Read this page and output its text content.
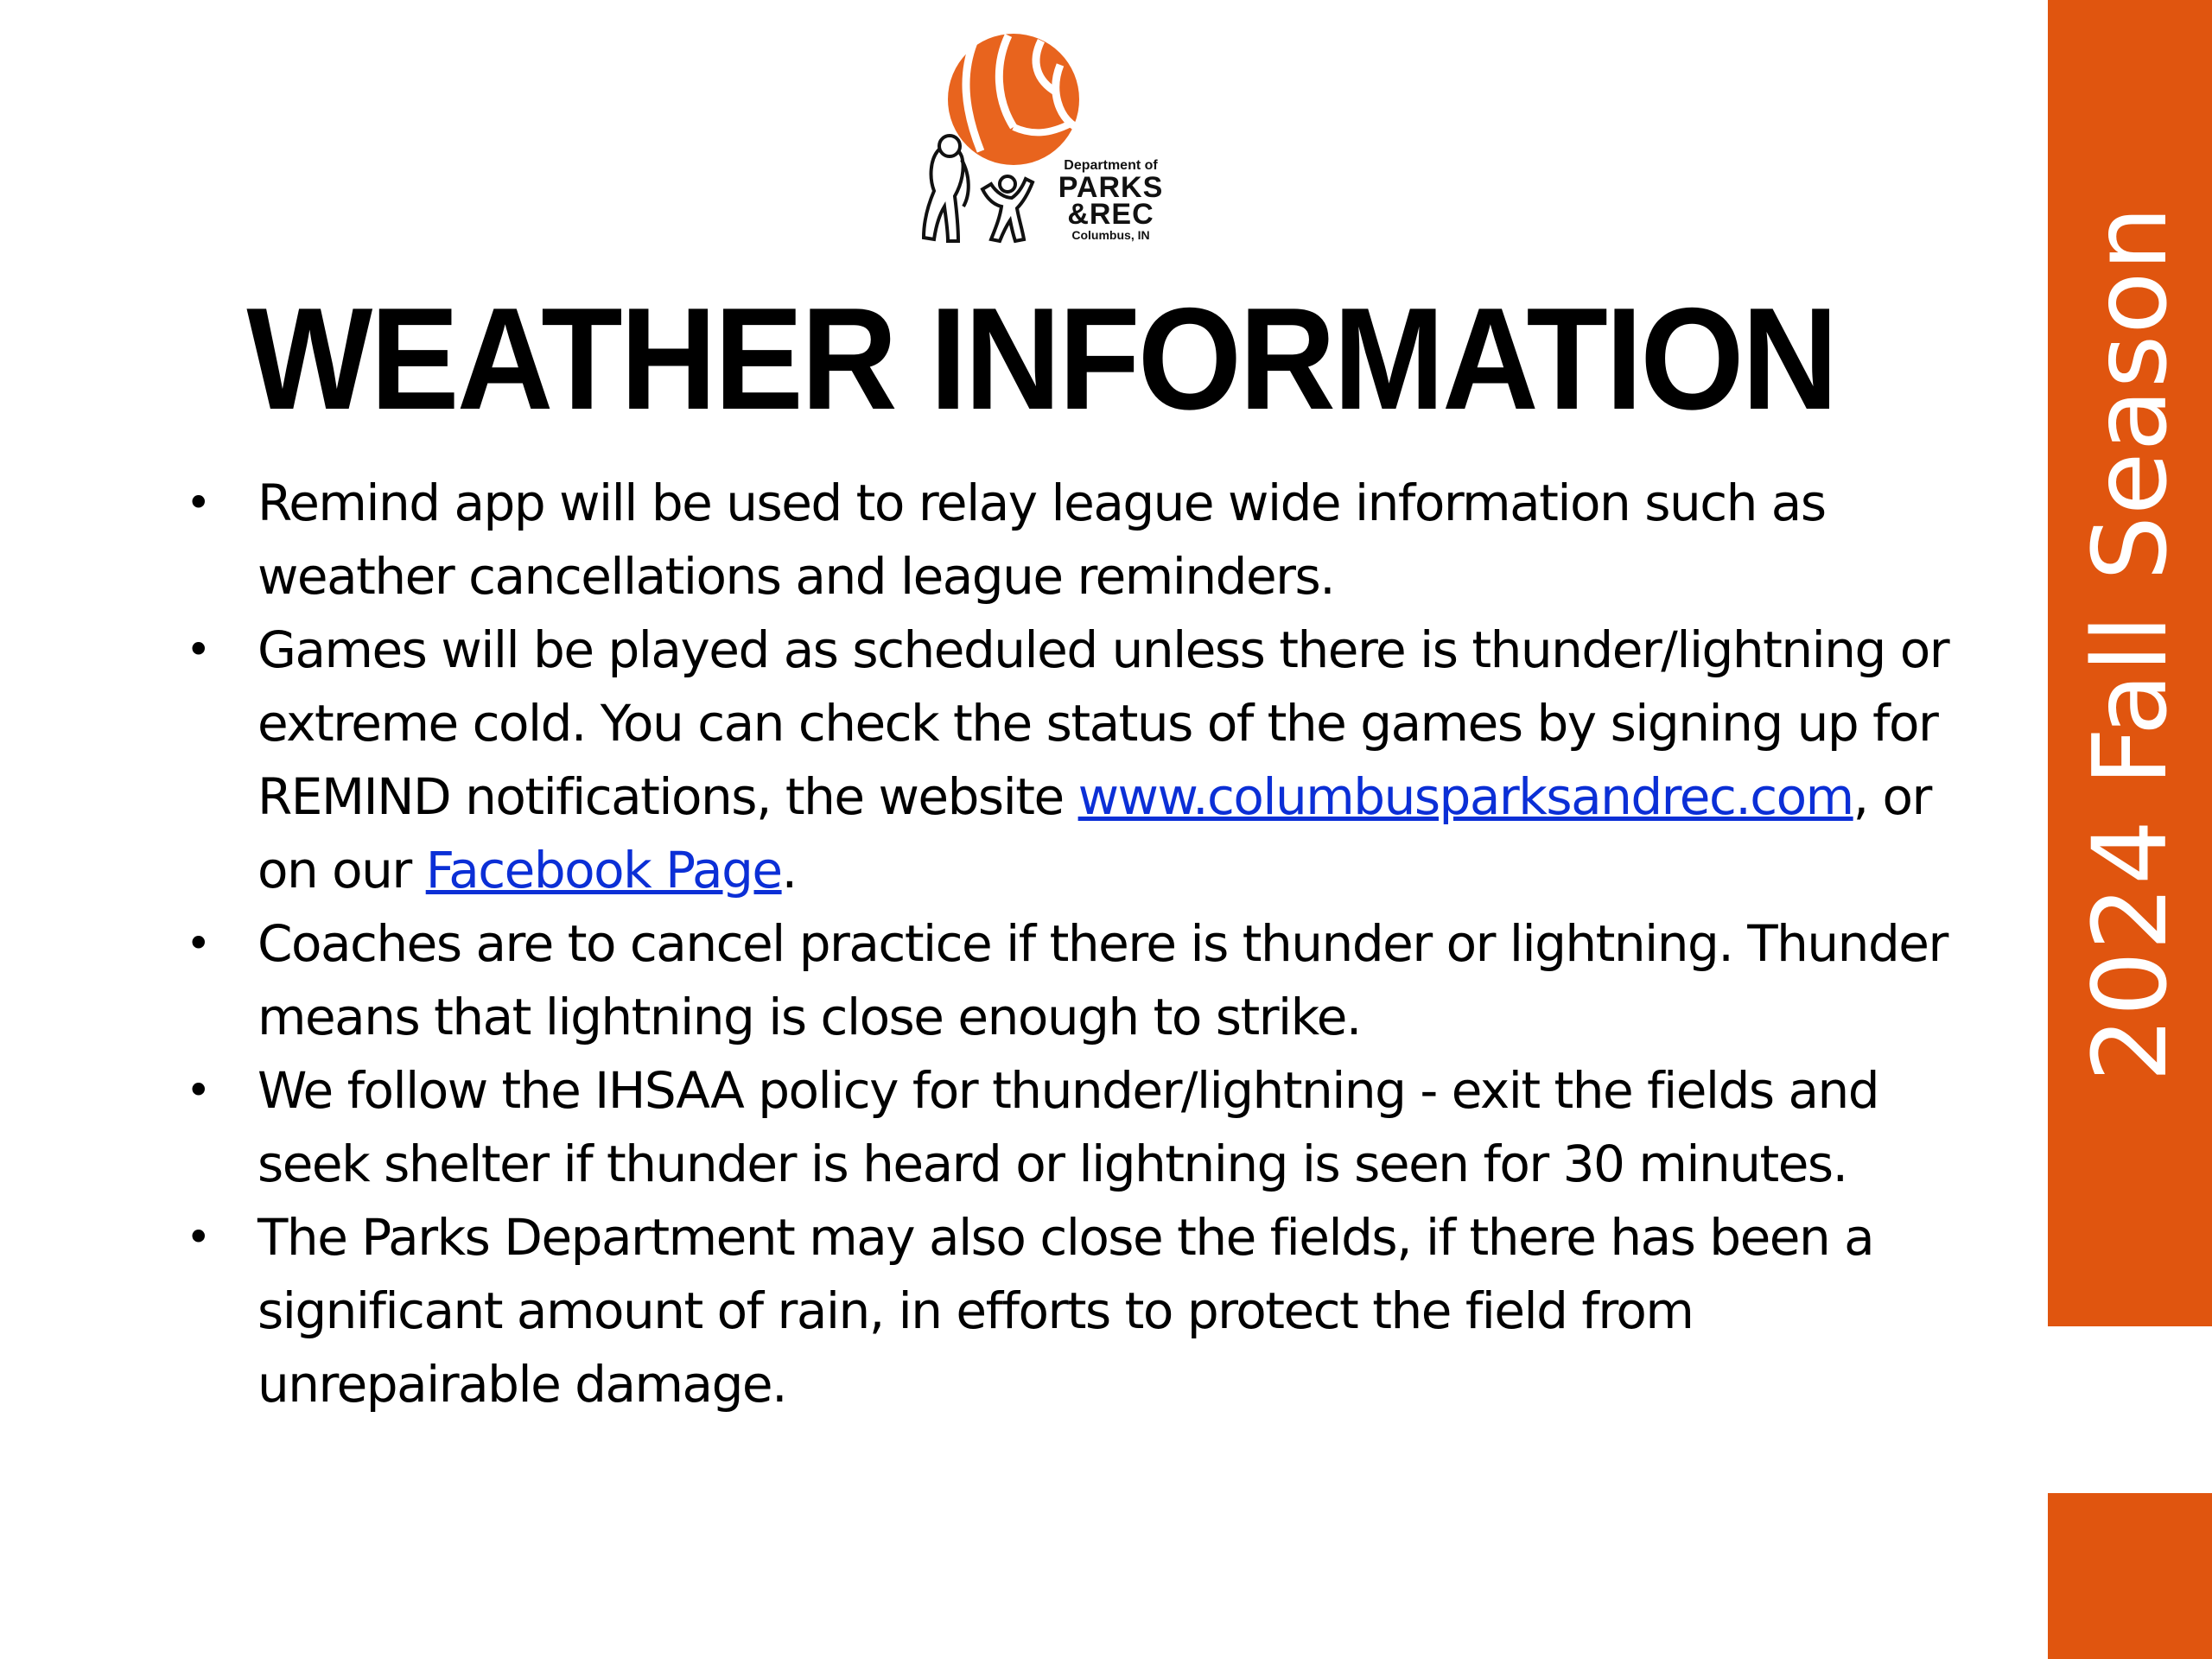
Department of
PARKS
&REC
Columbus, IN
WEATHER INFORMATION
• Remind app will be used to relay league wide information such as weather cancellations and league reminders.
• Games will be played as scheduled unless there is thunder/lightning or extreme cold. You can check the status of the games by signing up for REMIND notifications, the website www.columbusparksandrec.com, or on our Facebook Page.
• Coaches are to cancel practice if there is thunder or lightning. Thunder means that lightning is close enough to strike.
• We follow the IHSAA policy for thunder/lightning - exit the fields and seek shelter if thunder is heard or lightning is seen for 30 minutes.
• The Parks Department may also close the fields, if there has been a significant amount of rain, in efforts to protect the field from unrepairable damage.
2024 Fall Season
